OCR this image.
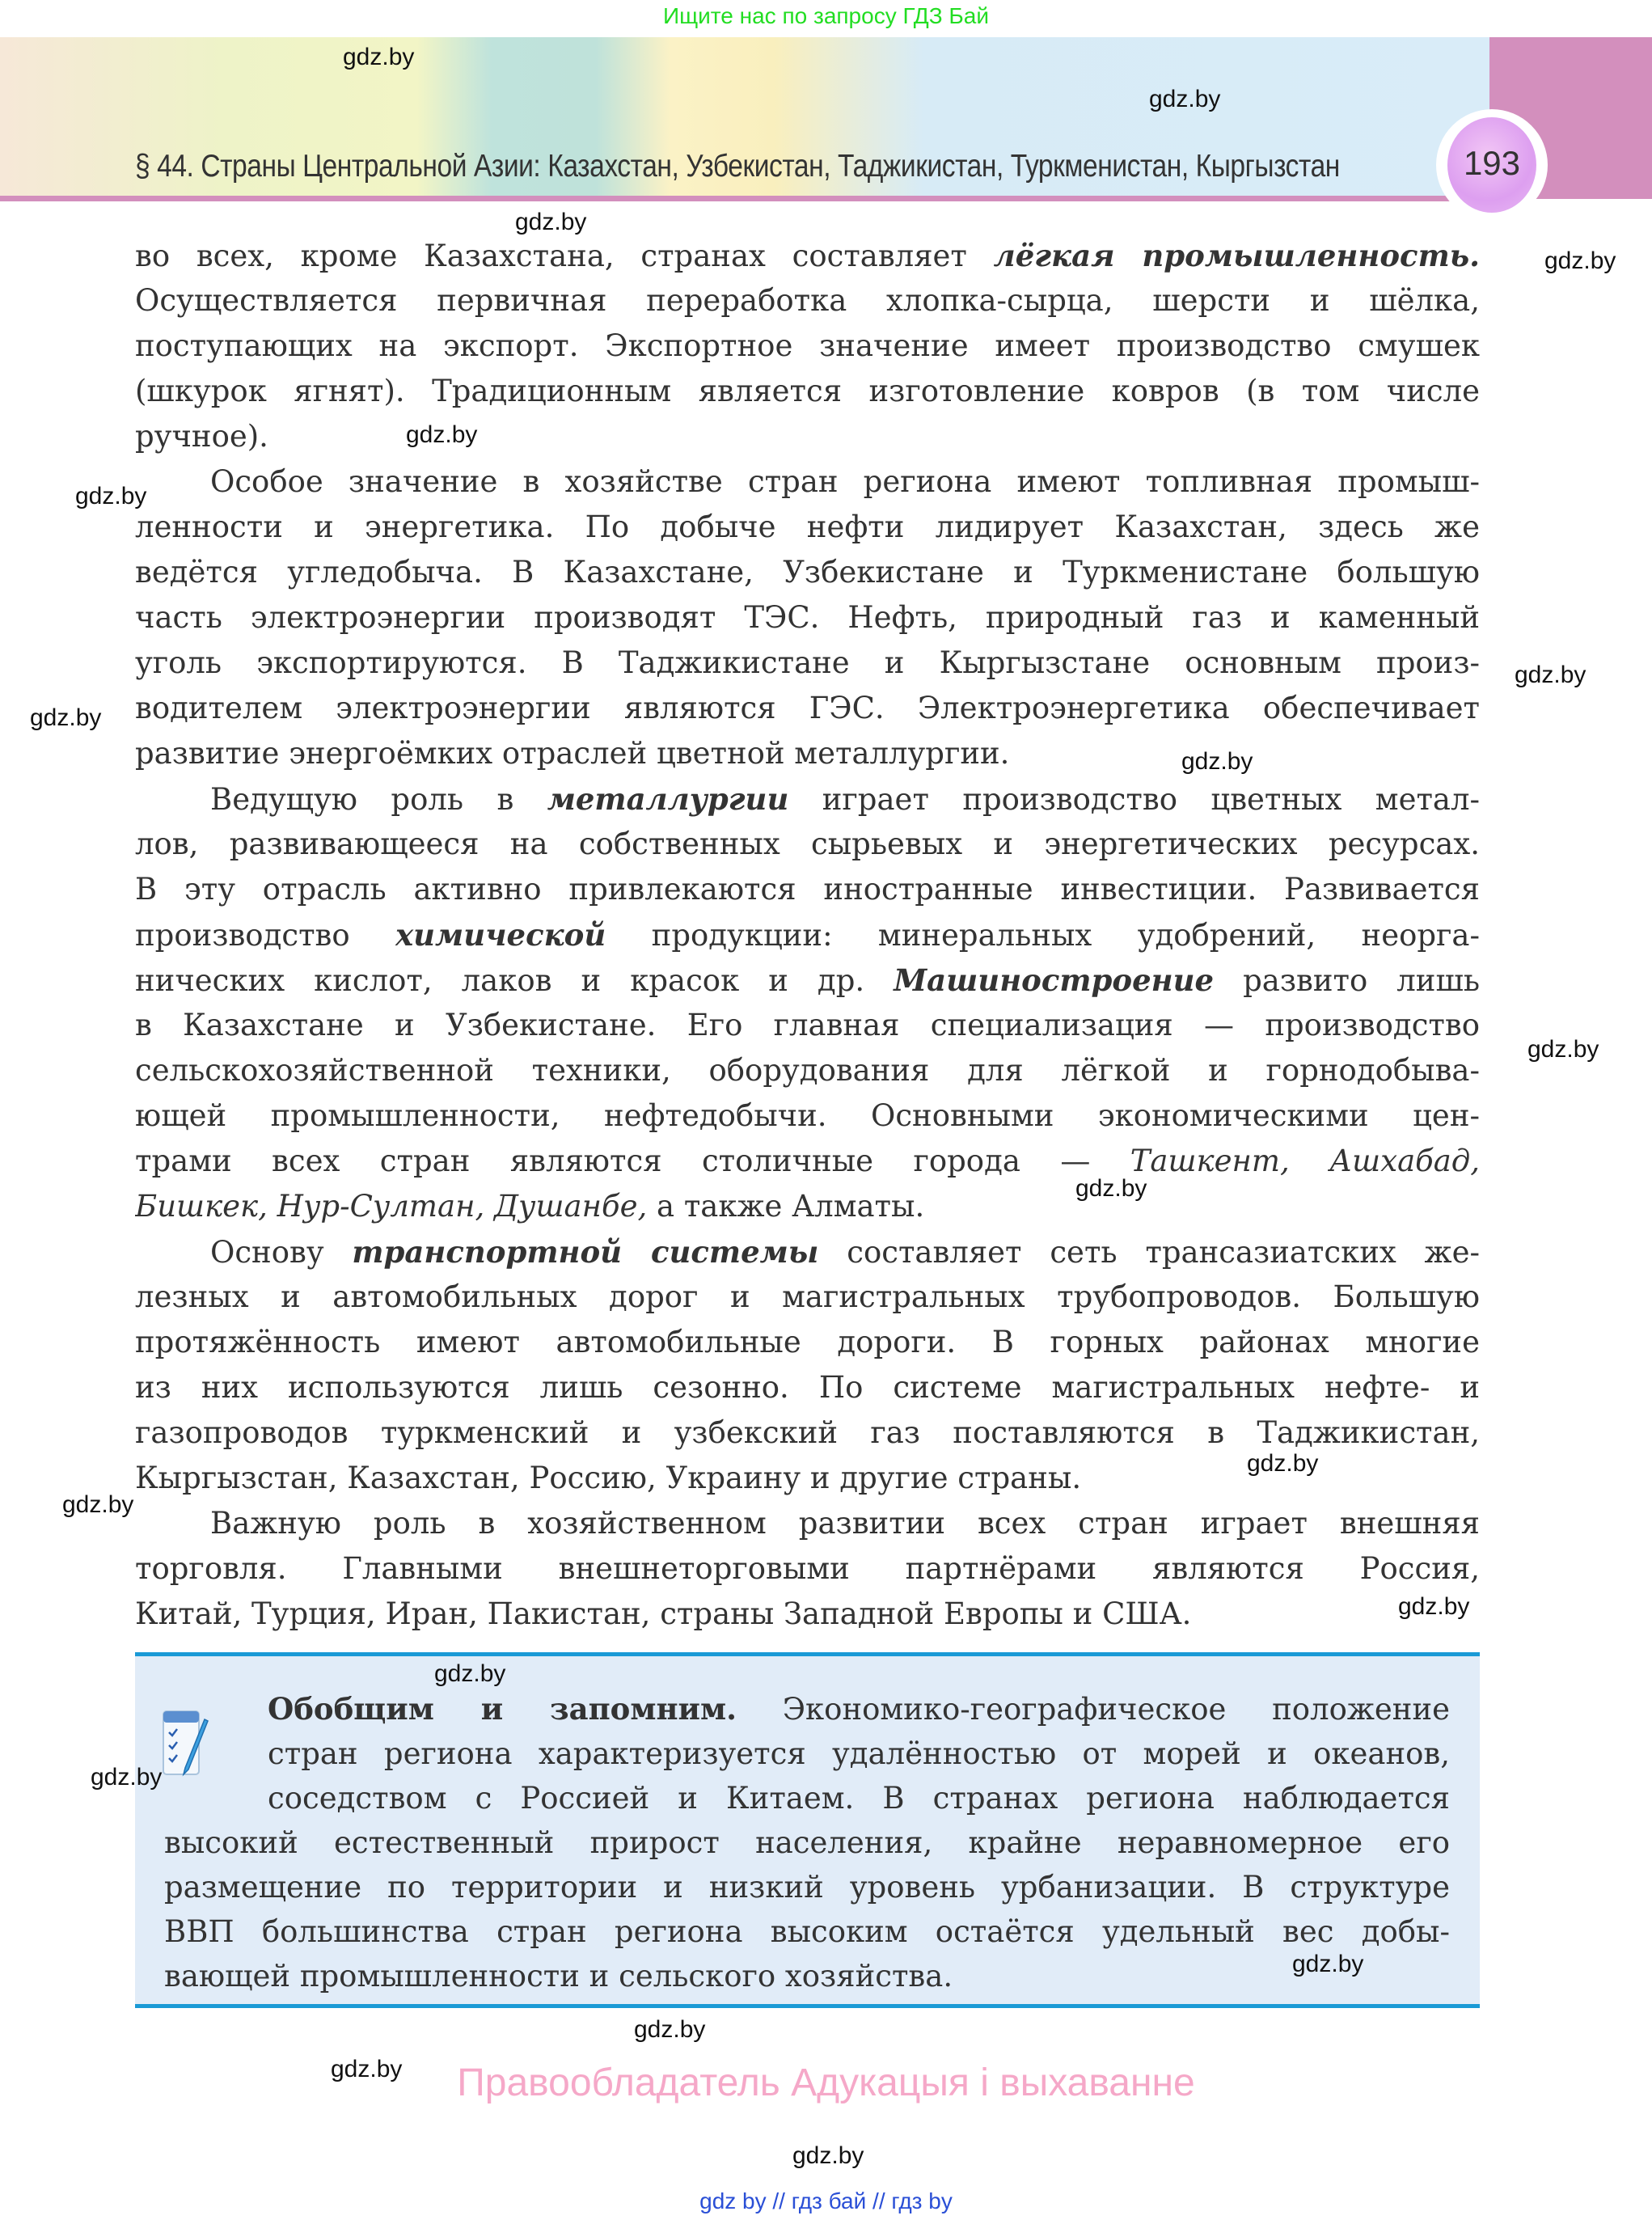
Ищите нас по запросу ГДЗ Бай
193
§ 44. Страны Центральной Азии: Казахстан, Узбекистан, Таджикистан, Туркменистан, Кыргызстан
во всех, кроме Казахстана, странах составляет лёгкая промышленность.
Осуществляется первичная переработка хлопка-сырца, шерсти и шёлка,
поступающих на экспорт. Экспортное значение имеет производство смушек
(шкурок ягнят). Традиционным является изготовление ковров (в том числе
ручное).
Особое значение в хозяйстве стран региона имеют топливная промыш-
ленности и энергетика. По добыче нефти лидирует Казахстан, здесь же
ведётся угледобыча. В Казахстане, Узбекистане и Туркменистане большую
часть электроэнергии производят ТЭС. Нефть, природный газ и каменный
уголь экспортируются. В Таджикистане и Кыргызстане основным произ-
водителем электроэнергии являются ГЭС. Электроэнергетика обеспечивает
развитие энергоёмких отраслей цветной металлургии.
Ведущую роль в металлургии играет производство цветных метал-
лов, развивающееся на собственных сырьевых и энергетических ресурсах.
В эту отрасль активно привлекаются иностранные инвестиции. Развивается
производство химической продукции: минеральных удобрений, неорга-
нических кислот, лаков и красок и др. Машиностроение развито лишь
в Казахстане и Узбекистане. Его главная специализация — производство
сельскохозяйственной техники, оборудования для лёгкой и горнодобыва-
ющей промышленности, нефтедобычи. Основными экономическими цен-
трами всех стран являются столичные города — Ташкент, Ашхабад,
Бишкек, Нур-Султан, Душанбе, а также Алматы.
Основу транспортной системы составляет сеть трансазиатских же-
лезных и автомобильных дорог и магистральных трубопроводов. Большую
протяжённость имеют автомобильные дороги. В горных районах многие
из них используются лишь сезонно. По системе магистральных нефте- и
газопроводов туркменский и узбекский газ поставляются в Таджикистан,
Кыргызстан, Казахстан, Россию, Украину и другие страны.
Важную роль в хозяйственном развитии всех стран играет внешняя
торговля. Главными внешнеторговыми партнёрами являются Россия,
Китай, Турция, Иран, Пакистан, страны Западной Европы и США.
Обобщим и запомним. Экономико-географическое положение
стран региона характеризуется удалённостью от морей и океанов,
соседством с Россией и Китаем. В странах региона наблюдается
высокий естественный прирост населения, крайне неравномерное его
размещение по территории и низкий уровень урбанизации. В структуре
ВВП большинства стран региона высоким остаётся удельный вес добы-
вающей промышленности и сельского хозяйства.
gdz.by
gdz.by
gdz.by
gdz.by
gdz.by
gdz.by
gdz.by
gdz.by
gdz.by
gdz.by
gdz.by
gdz.by
gdz.by
gdz.by
gdz.by
gdz.by
gdz.by
gdz.by
gdz.by
gdz.by
Правообладатель Адукацыя і выхаванне
gdz by // гдз бай // гдз by
